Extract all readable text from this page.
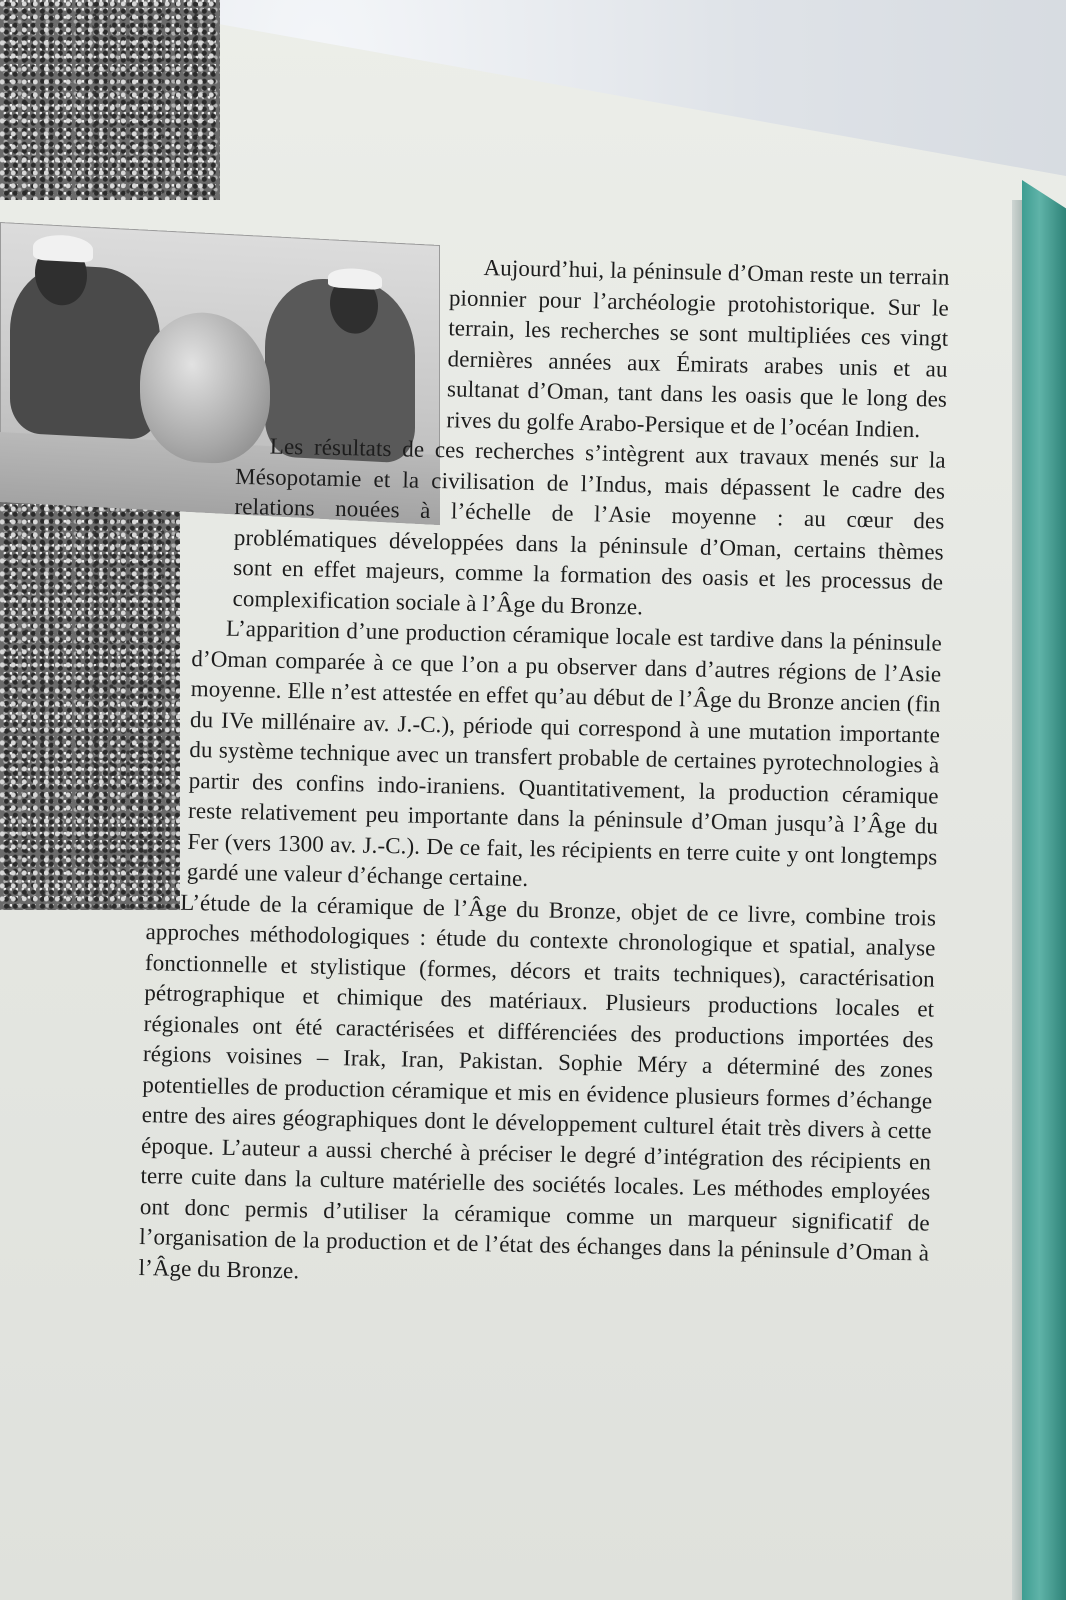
Aujourd’hui, la péninsule d’Oman reste un terrain pionnier pour l’archéologie protohistorique. Sur le terrain, les recherches se sont multipliées ces vingt dernières années aux Émirats arabes unis et au sultanat d’Oman, tant dans les oasis que le long des rives du golfe Arabo-Persique et de l’océan Indien.

Les résultats de ces recherches s’intègrent aux travaux menés sur la Mésopotamie et la civilisation de l’Indus, mais dépassent le cadre des relations nouées à l’échelle de l’Asie moyenne : au cœur des problématiques développées dans la péninsule d’Oman, certains thèmes sont en effet majeurs, comme la formation des oasis et les processus de complexification sociale à l’Âge du Bronze.

L’apparition d’une production céramique locale est tardive dans la péninsule d’Oman comparée à ce que l’on a pu observer dans d’autres régions de l’Asie moyenne. Elle n’est attestée en effet qu’au début de l’Âge du Bronze ancien (fin du IVe millénaire av. J.-C.), période qui correspond à une mutation importante du système technique avec un transfert probable de certaines pyrotechnologies à partir des confins indo-iraniens. Quantitativement, la production céramique reste relativement peu importante dans la péninsule d’Oman jusqu’à l’Âge du Fer (vers 1300 av. J.-C.). De ce fait, les récipients en terre cuite y ont longtemps gardé une valeur d’échange certaine.

L’étude de la céramique de l’Âge du Bronze, objet de ce livre, combine trois approches méthodologiques : étude du contexte chronologique et spatial, analyse fonctionnelle et stylistique (formes, décors et traits techniques), caractérisation pétrographique et chimique des matériaux. Plusieurs productions locales et régionales ont été caractérisées et différenciées des productions importées des régions voisines – Irak, Iran, Pakistan. Sophie Méry a déterminé des zones potentielles de production céramique et mis en évidence plusieurs formes d’échange entre des aires géographiques dont le développement culturel était très divers à cette époque. L’auteur a aussi cherché à préciser le degré d’intégration des récipients en terre cuite dans la culture matérielle des sociétés locales. Les méthodes employées ont donc permis d’utiliser la céramique comme un marqueur significatif de l’organisation de la production et de l’état des échanges dans la péninsule d’Oman à l’Âge du Bronze.
